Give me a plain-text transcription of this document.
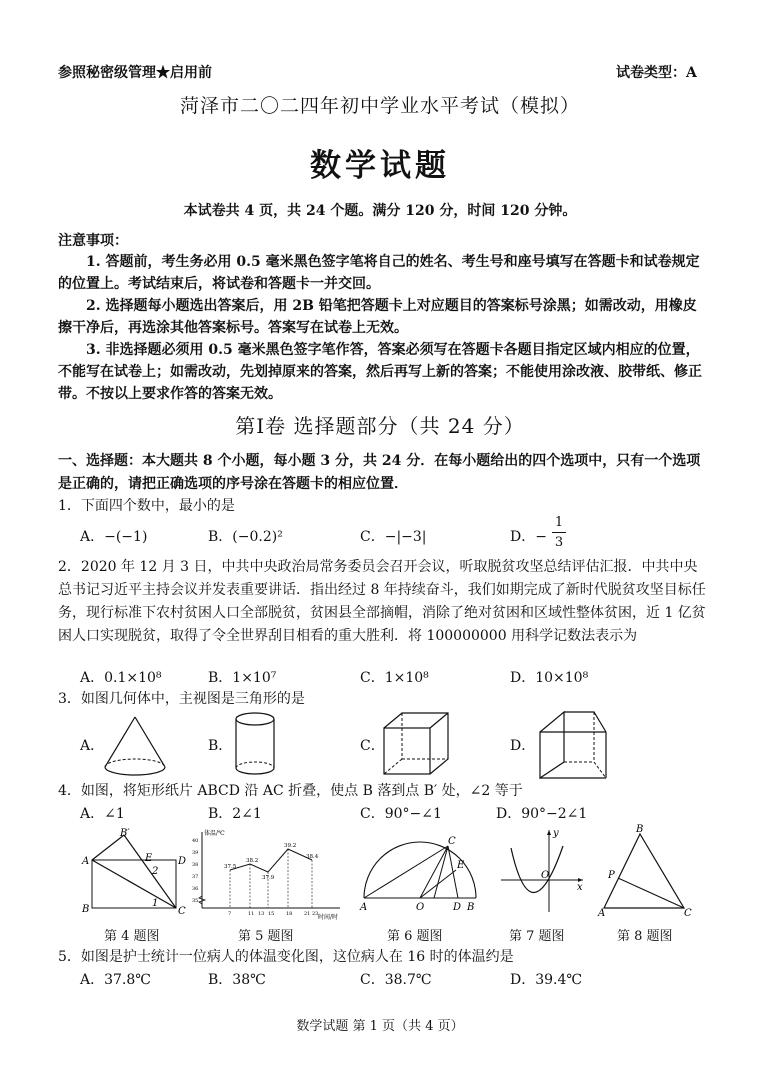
参照秘密级管理★启用前	试卷类型：A
菏泽市二〇二四年初中学业水平考试（模拟）
数学试题
本试卷共 4 页，共 24 个题。满分 120 分，时间 120 分钟。
注意事项：
1. 答题前，考生务必用 0.5 毫米黑色签字笔将自己的姓名、考生号和座号填写在答题卡和试卷规定的位置上。考试结束后，将试卷和答题卡一并交回。
2. 选择题每小题选出答案后，用 2B 铅笔把答题卡上对应题目的答案标号涂黑；如需改动，用橡皮擦干净后，再选涂其他答案标号。答案写在试卷上无效。
3. 非选择题必须用 0.5 毫米黑色签字笔作答，答案必须写在答题卡各题目指定区域内相应的位置，不能写在试卷上；如需改动，先划掉原来的答案，然后再写上新的答案；不能使用涂改液、胶带纸、修正带。不按以上要求作答的答案无效。
第Ⅰ卷 选择题部分（共 24 分）
一、选择题：本大题共 8 个小题，每小题 3 分，共 24 分．在每小题给出的四个选项中，只有一个选项是正确的，请把正确选项的序号涂在答题卡的相应位置．
1．下面四个数中，最小的是
A．−(−1)	B．(−0.2)²	C．−|−3|	D．−
1
3
2．2020 年 12 月 3 日，中共中央政治局常务委员会召开会议，听取脱贫攻坚总结评估汇报．中共中央总书记习近平主持会议并发表重要讲话．指出经过 8 年持续奋斗，我们如期完成了新时代脱贫攻坚目标任务，现行标准下农村贫困人口全部脱贫，贫困县全部摘帽，消除了绝对贫困和区域性整体贫困，近 1 亿贫困人口实现脱贫，取得了令全世界刮目相看的重大胜利．将 100000000 用科学记数法表示为
A．0.1×10⁸	B．1×10⁷	C．1×10⁸	D．10×10⁸
3．如图几何体中，主视图是三角形的是
A．	B．	C．	D．
4．如图，将矩形纸片 ABCD 沿 AC 折叠，使点 B 落到点 B′ 处，∠2 等于
A．∠1	B．2∠1	C．90°−∠1	D．90°−2∠1
B′
A	E	D
2
1
B	C
体温/℃
时间/时
37.5
38.2
37.9
39.2
38.4
40
39
38
37
36
35
7	11 13 15 18 21 23
A	O	D B
C
E
y
O
x
B
P
A	C
第 4 题图	第 5 题图	第 6 题图	第 7 题图	第 8 题图
5．如图是护士统计一位病人的体温变化图，这位病人在 16 时的体温约是
A．37.8℃	B．38℃	C．38.7℃	D．39.4℃
数学试题 第 1 页（共 4 页）
